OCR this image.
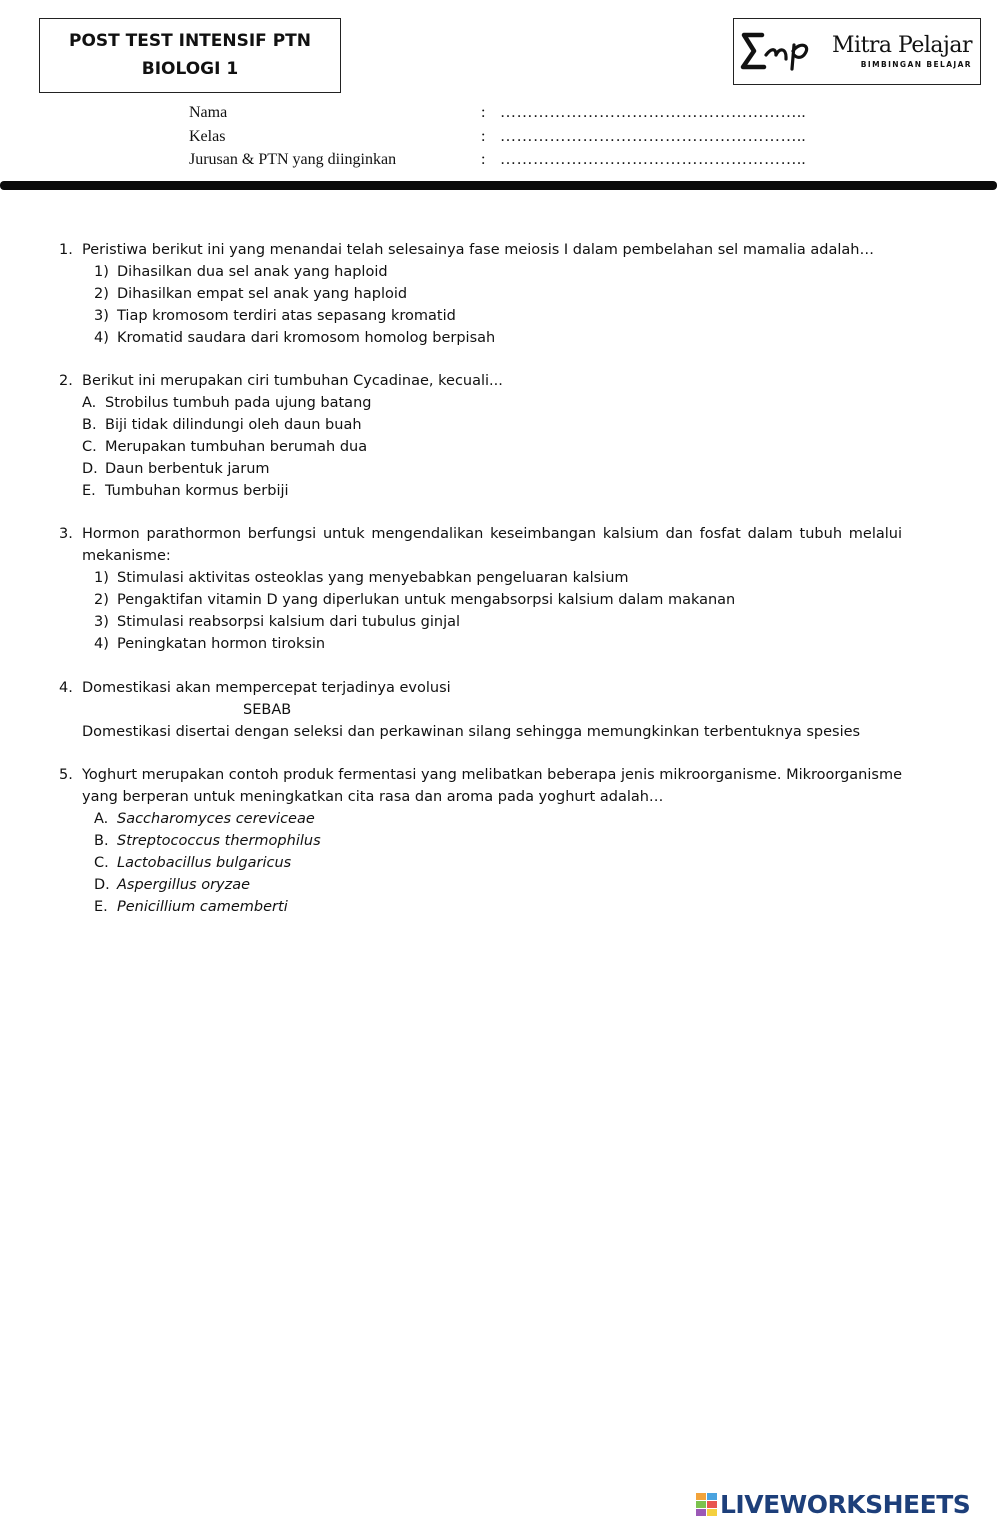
POST TEST INTENSIF PTN
BIOLOGI 1
Mitra Pelajar
BIMBINGAN BELAJAR
Nama	: ………………………………………………..
Kelas	: ………………………………………………..
Jurusan & PTN yang diinginkan	: ………………………………………………..
1. Peristiwa berikut ini yang menandai telah selesainya fase meiosis I dalam pembelahan sel mamalia adalah…
1) Dihasilkan dua sel anak yang haploid
2) Dihasilkan empat sel anak yang haploid
3) Tiap kromosom terdiri atas sepasang kromatid
4) Kromatid saudara dari kromosom homolog berpisah
2. Berikut ini merupakan ciri tumbuhan Cycadinae, kecuali...
A. Strobilus tumbuh pada ujung batang
B. Biji tidak dilindungi oleh daun buah
C. Merupakan tumbuhan berumah dua
D. Daun berbentuk jarum
E. Tumbuhan kormus berbiji
3. Hormon parathormon berfungsi untuk mengendalikan keseimbangan kalsium dan fosfat dalam tubuh melalui mekanisme:
1) Stimulasi aktivitas osteoklas yang menyebabkan pengeluaran kalsium
2) Pengaktifan vitamin D yang diperlukan untuk mengabsorpsi kalsium dalam makanan
3) Stimulasi reabsorpsi kalsium dari tubulus ginjal
4) Peningkatan hormon tiroksin
4. Domestikasi akan mempercepat terjadinya evolusi
SEBAB
Domestikasi disertai dengan seleksi dan perkawinan silang sehingga memungkinkan terbentuknya spesies
5. Yoghurt merupakan contoh produk fermentasi yang melibatkan beberapa jenis mikroorganisme. Mikroorganisme yang berperan untuk meningkatkan cita rasa dan aroma pada yoghurt adalah…
A. Saccharomyces cereviceae
B. Streptococcus thermophilus
C. Lactobacillus bulgaricus
D. Aspergillus oryzae
E. Penicillium camemberti
LIVEWORKSHEETS
